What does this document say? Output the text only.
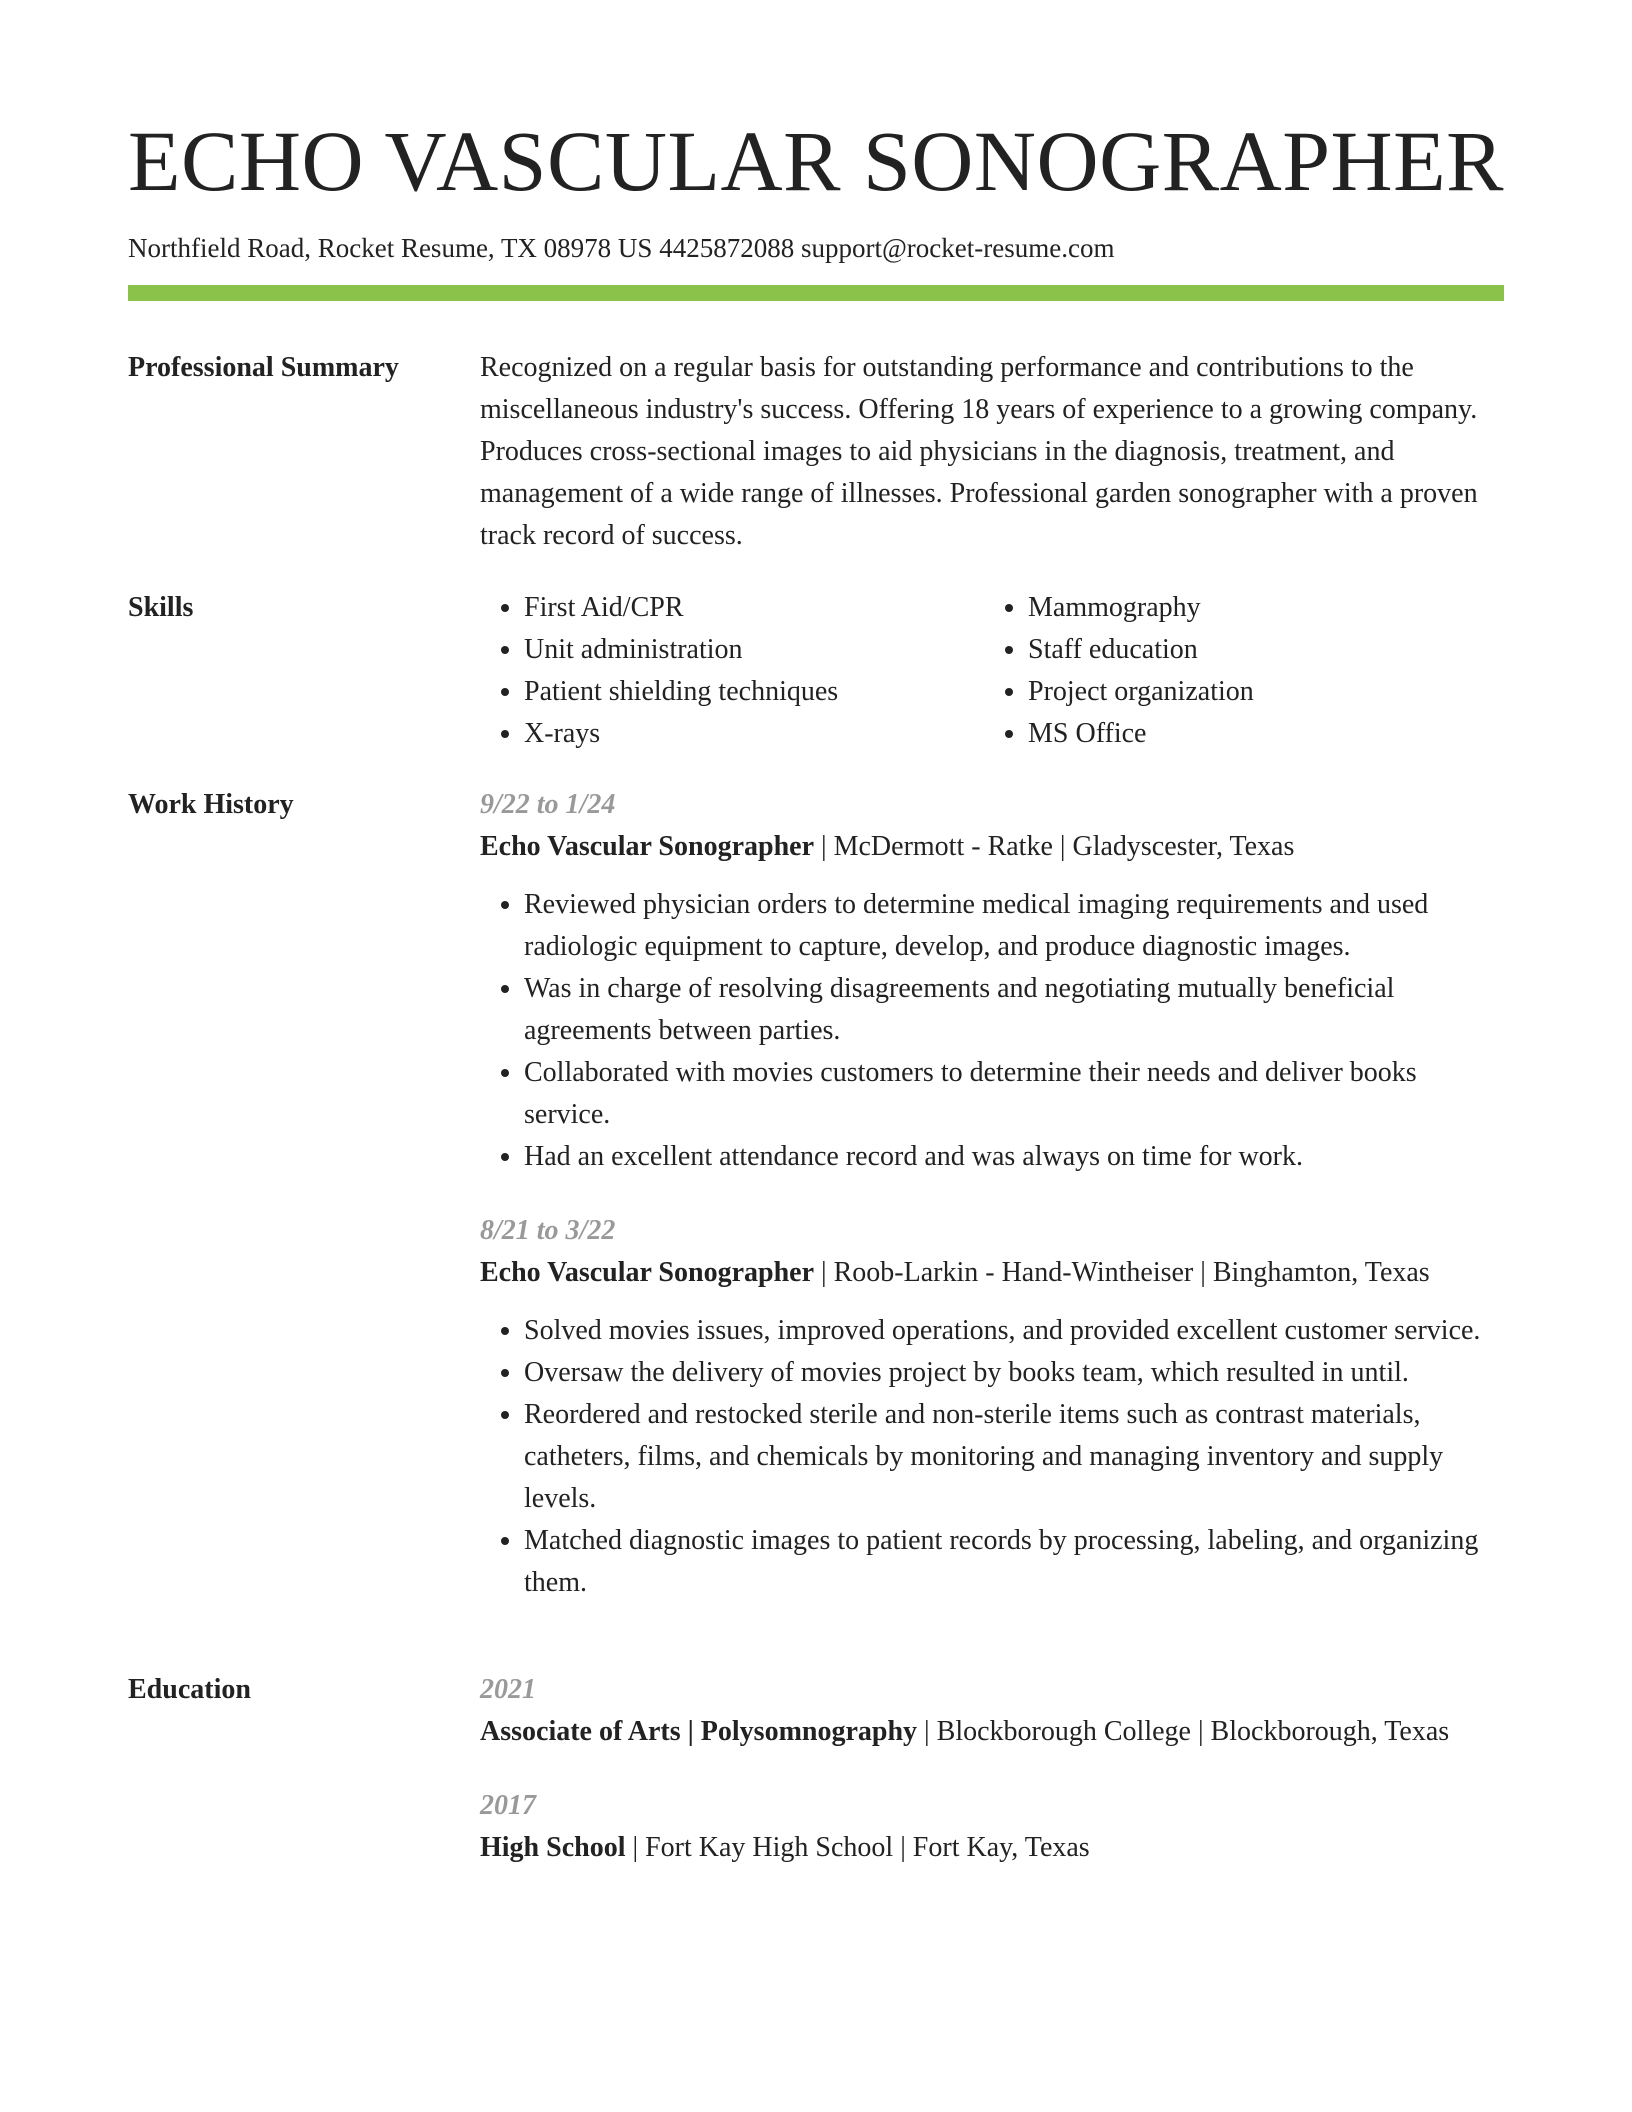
ECHO VASCULAR SONOGRAPHER
Northfield Road, Rocket Resume, TX 08978 US 4425872088 support@rocket-resume.com
Professional Summary	Recognized on a regular basis for outstanding performance and contributions to the miscellaneous industry's success. Offering 18 years of experience to a growing company. Produces cross-sectional images to aid physicians in the diagnosis, treatment, and management of a wide range of illnesses. Professional garden sonographer with a proven track record of success.

Skills
•	First Aid/CPR
• Unit administration
• Patient shielding techniques
• X-rays
• Mammography
• Staff education
• Project organization
• MS Office
Work History	9/22 to 1/24
Echo Vascular Sonographer | McDermott - Ratke | Gladyscester, Texas
• Reviewed physician orders to determine medical imaging requirements and used radiologic equipment to capture, develop, and produce diagnostic images.
• Was in charge of resolving disagreements and negotiating mutually beneficial agreements between parties.
• Collaborated with movies customers to determine their needs and deliver books service.
• Had an excellent attendance record and was always on time for work.
8/21 to 3/22
Echo Vascular Sonographer | Roob-Larkin - Hand-Wintheiser | Binghamton, Texas
• Solved movies issues, improved operations, and provided excellent customer service.
• Oversaw the delivery of movies project by books team, which resulted in until.
• Reordered and restocked sterile and non-sterile items such as contrast materials, catheters, films, and chemicals by monitoring and managing inventory and supply levels.
• Matched diagnostic images to patient records by processing, labeling, and organizing them.
Education	2021
Associate of Arts | Polysomnography | Blockborough College | Blockborough, Texas
2017
High School | Fort Kay High School | Fort Kay, Texas
